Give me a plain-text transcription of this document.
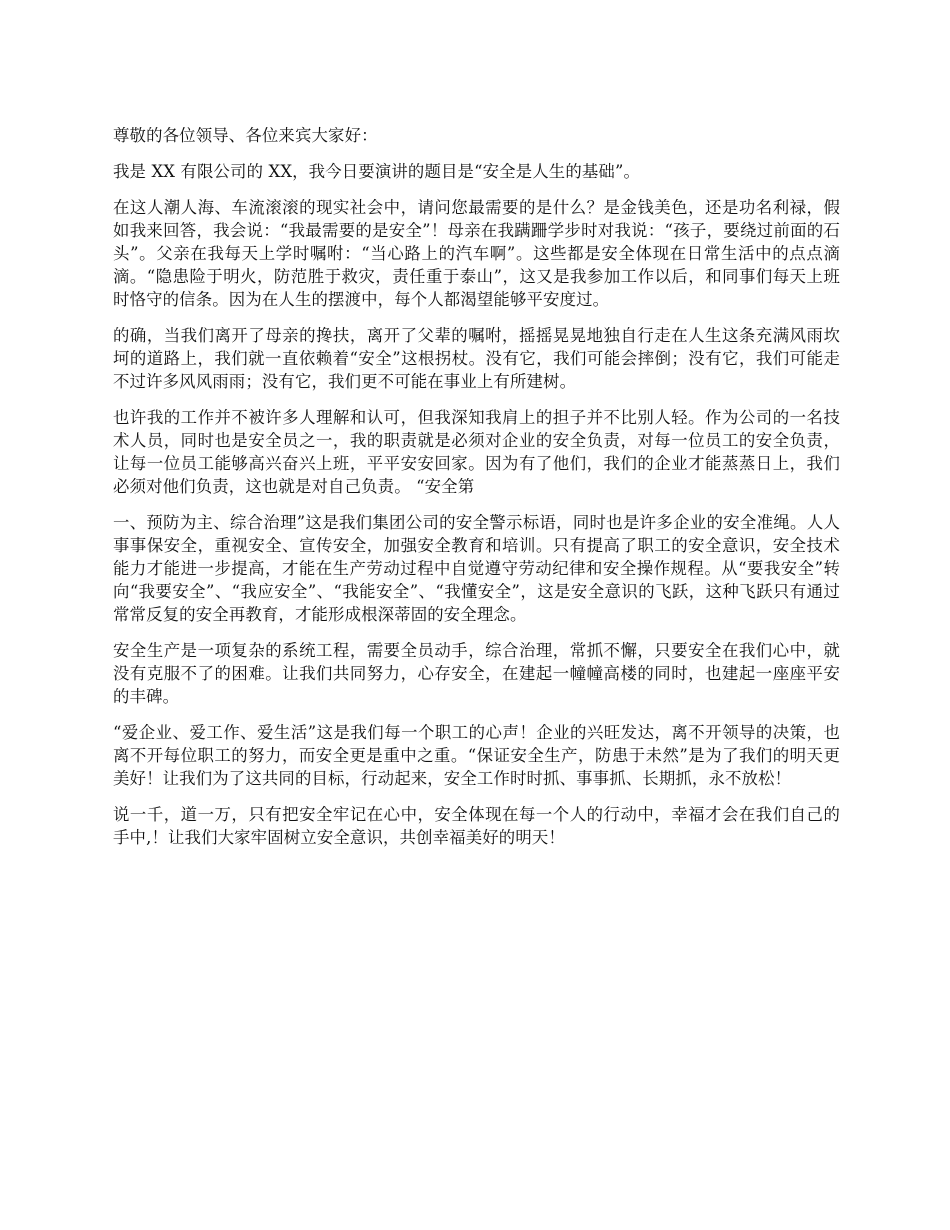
尊敬的各位领导、各位来宾大家好：

我是 XX 有限公司的 XX，我今日要演讲的题目是“安全是人生的基础”。

在这人潮人海、车流滚滚的现实社会中，请问您最需要的是什么？是金钱美色，还是功名利禄，假如我来回答，我会说：“我最需要的是安全”！母亲在我蹒跚学步时对我说：“孩子，要绕过前面的石头”。父亲在我每天上学时嘱咐：“当心路上的汽车啊”。这些都是安全体现在日常生活中的点点滴滴。“隐患险于明火，防范胜于救灾，责任重于泰山”，这又是我参加工作以后，和同事们每天上班时恪守的信条。因为在人生的摆渡中，每个人都渴望能够平安度过。

的确，当我们离开了母亲的搀扶，离开了父辈的嘱咐，摇摇晃晃地独自行走在人生这条充满风雨坎坷的道路上，我们就一直依赖着“安全”这根拐杖。没有它，我们可能会摔倒；没有它，我们可能走不过许多风风雨雨；没有它，我们更不可能在事业上有所建树。

也许我的工作并不被许多人理解和认可，但我深知我肩上的担子并不比别人轻。作为公司的一名技术人员，同时也是安全员之一，我的职责就是必须对企业的安全负责，对每一位员工的安全负责，让每一位员工能够高兴奋兴上班，平平安安回家。因为有了他们，我们的企业才能蒸蒸日上，我们必须对他们负责，这也就是对自己负责。 “安全第

一、预防为主、综合治理”这是我们集团公司的安全警示标语，同时也是许多企业的安全准绳。人人事事保安全，重视安全、宣传安全，加强安全教育和培训。只有提高了职工的安全意识，安全技术能力才能进一步提高，才能在生产劳动过程中自觉遵守劳动纪律和安全操作规程。从“要我安全”转向“我要安全”、“我应安全”、“我能安全”、“我懂安全”，这是安全意识的飞跃，这种飞跃只有通过常常反复的安全再教育，才能形成根深蒂固的安全理念。

安全生产是一项复杂的系统工程，需要全员动手，综合治理，常抓不懈，只要安全在我们心中，就没有克服不了的困难。让我们共同努力，心存安全，在建起一幢幢高楼的同时，也建起一座座平安的丰碑。

“爱企业、爱工作、爱生活”这是我们每一个职工的心声！企业的兴旺发达，离不开领导的决策，也离不开每位职工的努力，而安全更是重中之重。“保证安全生产，防患于未然”是为了我们的明天更美好！让我们为了这共同的目标，行动起来，安全工作时时抓、事事抓、长期抓，永不放松！

说一千，道一万，只有把安全牢记在心中，安全体现在每一个人的行动中，幸福才会在我们自己的手中,！让我们大家牢固树立安全意识，共创幸福美好的明天！
